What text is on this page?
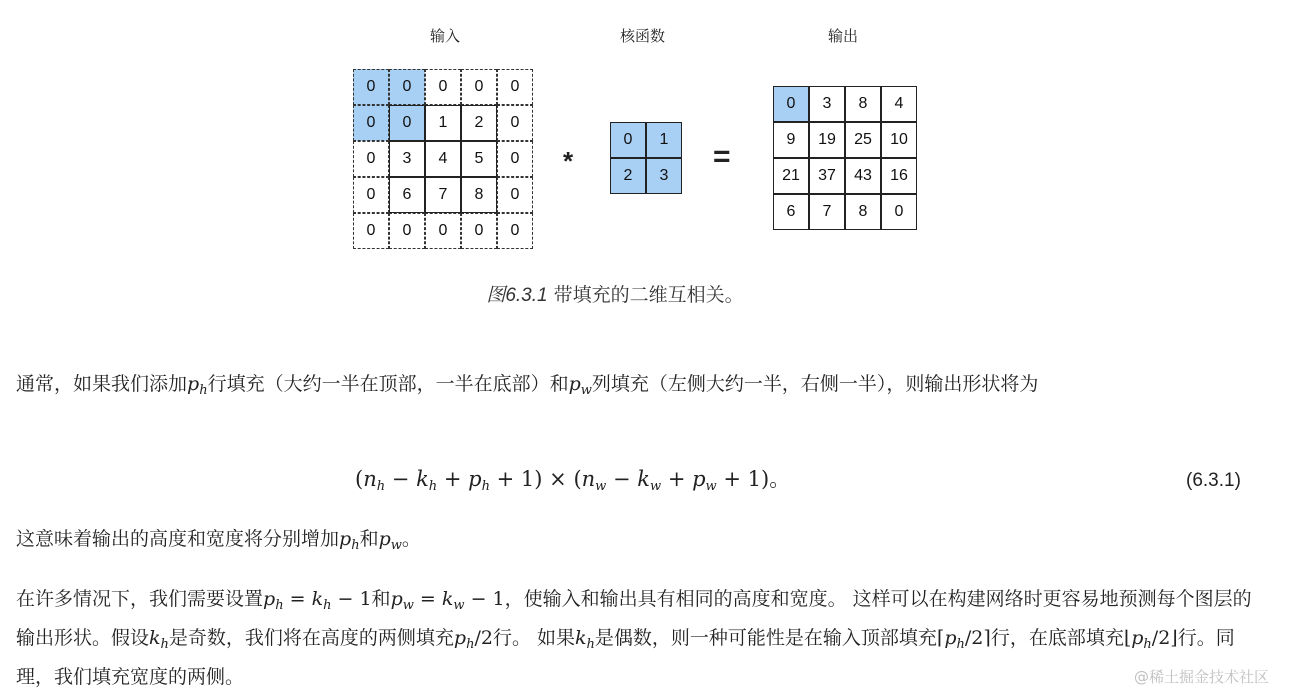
输入	核函数	输出
0	0	0	0	0
0	0	1	2	0
0	3	4	5	0
0	6	7	8	0
0	0	0	0	0
*
0	1
2	3
=
0	3	8	4
9	19	25	10
21	37	43	16
6	7	8	0
图6.3.1 带填充的二维互相关。
通常，如果我们添加$p_h$行填充（大约一半在顶部，一半在底部）和$p_w$列填充（左侧大约一半，右侧一半），则输出形状将为
$(n_h - k_h + p_h + 1) \times (n_w - k_w + p_w + 1)$。	(6.3.1)
这意味着输出的高度和宽度将分别增加$p_h$和$p_w$。
在许多情况下，我们需要设置$p_h = k_h - 1$和$p_w = k_w - 1$，使输入和输出具有相同的高度和宽度。 这样可以在构建网络时更容易地预测每个图层的输出形状。假设$k_h$是奇数，我们将在高度的两侧填充$p_h/2$行。 如果$k_h$是偶数，则一种可能性是在输入顶部填充$⌈p_h/2⌉$行，在底部填充$⌊p_h/2⌋$行。同理，我们填充宽度的两侧。	@稀土掘金技术社区
